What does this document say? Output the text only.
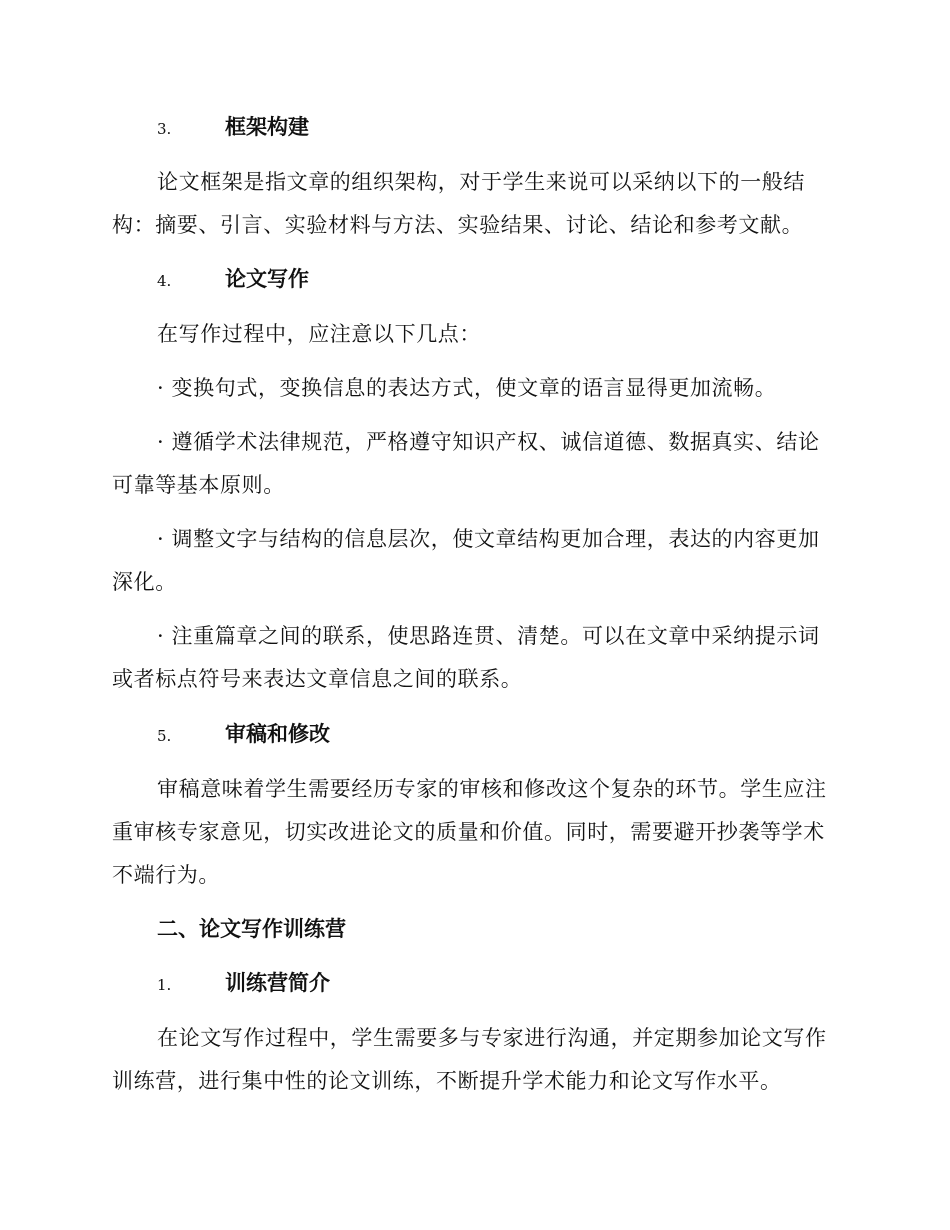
3.	框架构建
论文框架是指文章的组织架构，对于学生来说可以采纳以下的一般结构：摘要、引言、实验材料与方法、实验结果、讨论、结论和参考文献。
4.	论文写作
在写作过程中，应注意以下几点：
· 变换句式，变换信息的表达方式，使文章的语言显得更加流畅。
· 遵循学术法律规范，严格遵守知识产权、诚信道德、数据真实、结论可靠等基本原则。
· 调整文字与结构的信息层次，使文章结构更加合理，表达的内容更加深化。
· 注重篇章之间的联系，使思路连贯、清楚。可以在文章中采纳提示词或者标点符号来表达文章信息之间的联系。
5.	审稿和修改
审稿意味着学生需要经历专家的审核和修改这个复杂的环节。学生应注重审核专家意见，切实改进论文的质量和价值。同时，需要避开抄袭等学术不端行为。
二、论文写作训练营
1.	训练营简介
在论文写作过程中，学生需要多与专家进行沟通，并定期参加论文写作训练营，进行集中性的论文训练，不断提升学术能力和论文写作水平。
